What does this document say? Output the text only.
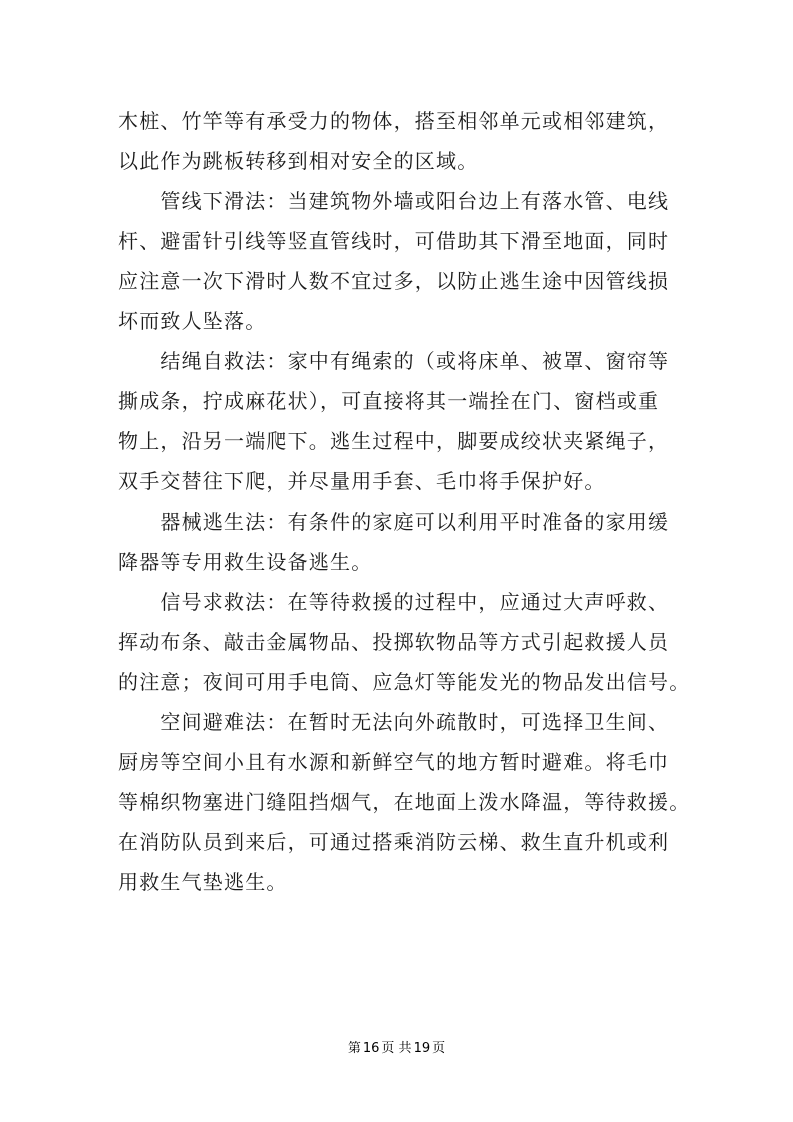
木桩、竹竿等有承受力的物体，搭至相邻单元或相邻建筑，
以此作为跳板转移到相对安全的区域。
　　管线下滑法：当建筑物外墙或阳台边上有落水管、电线
杆、避雷针引线等竖直管线时，可借助其下滑至地面，同时
应注意一次下滑时人数不宜过多，以防止逃生途中因管线损
坏而致人坠落。
　　结绳自救法：家中有绳索的（或将床单、被罩、窗帘等
撕成条，拧成麻花状），可直接将其一端拴在门、窗档或重
物上，沿另一端爬下。逃生过程中，脚要成绞状夹紧绳子，
双手交替往下爬，并尽量用手套、毛巾将手保护好。
　　器械逃生法：有条件的家庭可以利用平时准备的家用缓
降器等专用救生设备逃生。
　　信号求救法：在等待救援的过程中，应通过大声呼救、
挥动布条、敲击金属物品、投掷软物品等方式引起救援人员
的注意；夜间可用手电筒、应急灯等能发光的物品发出信号。
　　空间避难法：在暂时无法向外疏散时，可选择卫生间、
厨房等空间小且有水源和新鲜空气的地方暂时避难。将毛巾
等棉织物塞进门缝阻挡烟气，在地面上泼水降温，等待救援。
在消防队员到来后，可通过搭乘消防云梯、救生直升机或利
用救生气垫逃生。
第 16 页 共 19 页
